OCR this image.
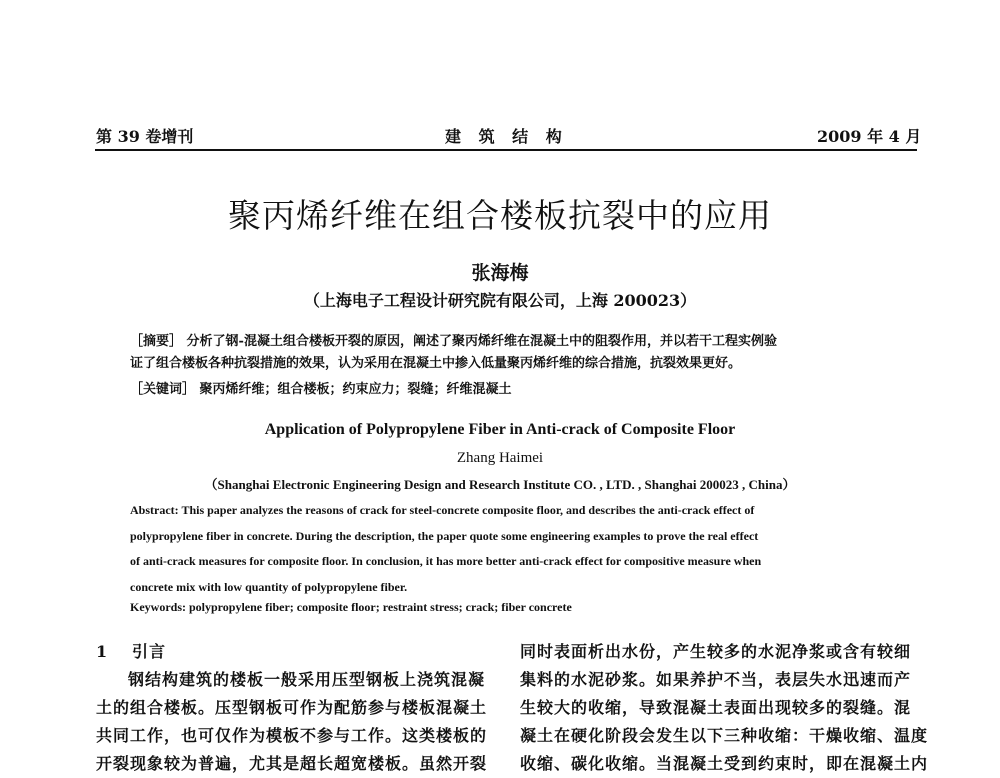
第 39 卷增刊	建 筑 结 构	2009 年 4 月
聚丙烯纤维在组合楼板抗裂中的应用
张海梅
（上海电子工程设计研究院有限公司，上海 200023）
［摘要］ 分析了钢-混凝土组合楼板开裂的原因，阐述了聚丙烯纤维在混凝土中的阻裂作用，并以若干工程实例验
证了组合楼板各种抗裂措施的效果，认为采用在混凝土中掺入低量聚丙烯纤维的综合措施，抗裂效果更好。
［关键词］ 聚丙烯纤维；组合楼板；约束应力；裂缝；纤维混凝土
Application of Polypropylene Fiber in Anti-crack of Composite Floor
Zhang Haimei
（Shanghai Electronic Engineering Design and Research Institute CO. , LTD. , Shanghai 200023 , China）
Abstract: This paper analyzes the reasons of crack for steel-concrete composite floor, and describes the anti-crack effect of
polypropylene fiber in concrete. During the description, the paper quote some engineering examples to prove the real effect
of anti-crack measures for composite floor. In conclusion, it has more better anti-crack effect for compositive measure when
concrete mix with low quantity of polypropylene fiber.
Keywords: polypropylene fiber; composite floor; restraint stress; crack; fiber concrete
1 引言
钢结构建筑的楼板一般采用压型钢板上浇筑混凝
土的组合楼板。压型钢板可作为配筋参与楼板混凝土
共同工作，也可仅作为模板不参与工作。这类楼板的
开裂现象较为普遍，尤其是超长超宽楼板。虽然开裂
同时表面析出水份，产生较多的水泥净浆或含有较细
集料的水泥砂浆。如果养护不当，表层失水迅速而产
生较大的收缩，导致混凝土表面出现较多的裂缝。混
凝土在硬化阶段会发生以下三种收缩：干燥收缩、温度
收缩、碳化收缩。当混凝土受到约束时，即在混凝土内
